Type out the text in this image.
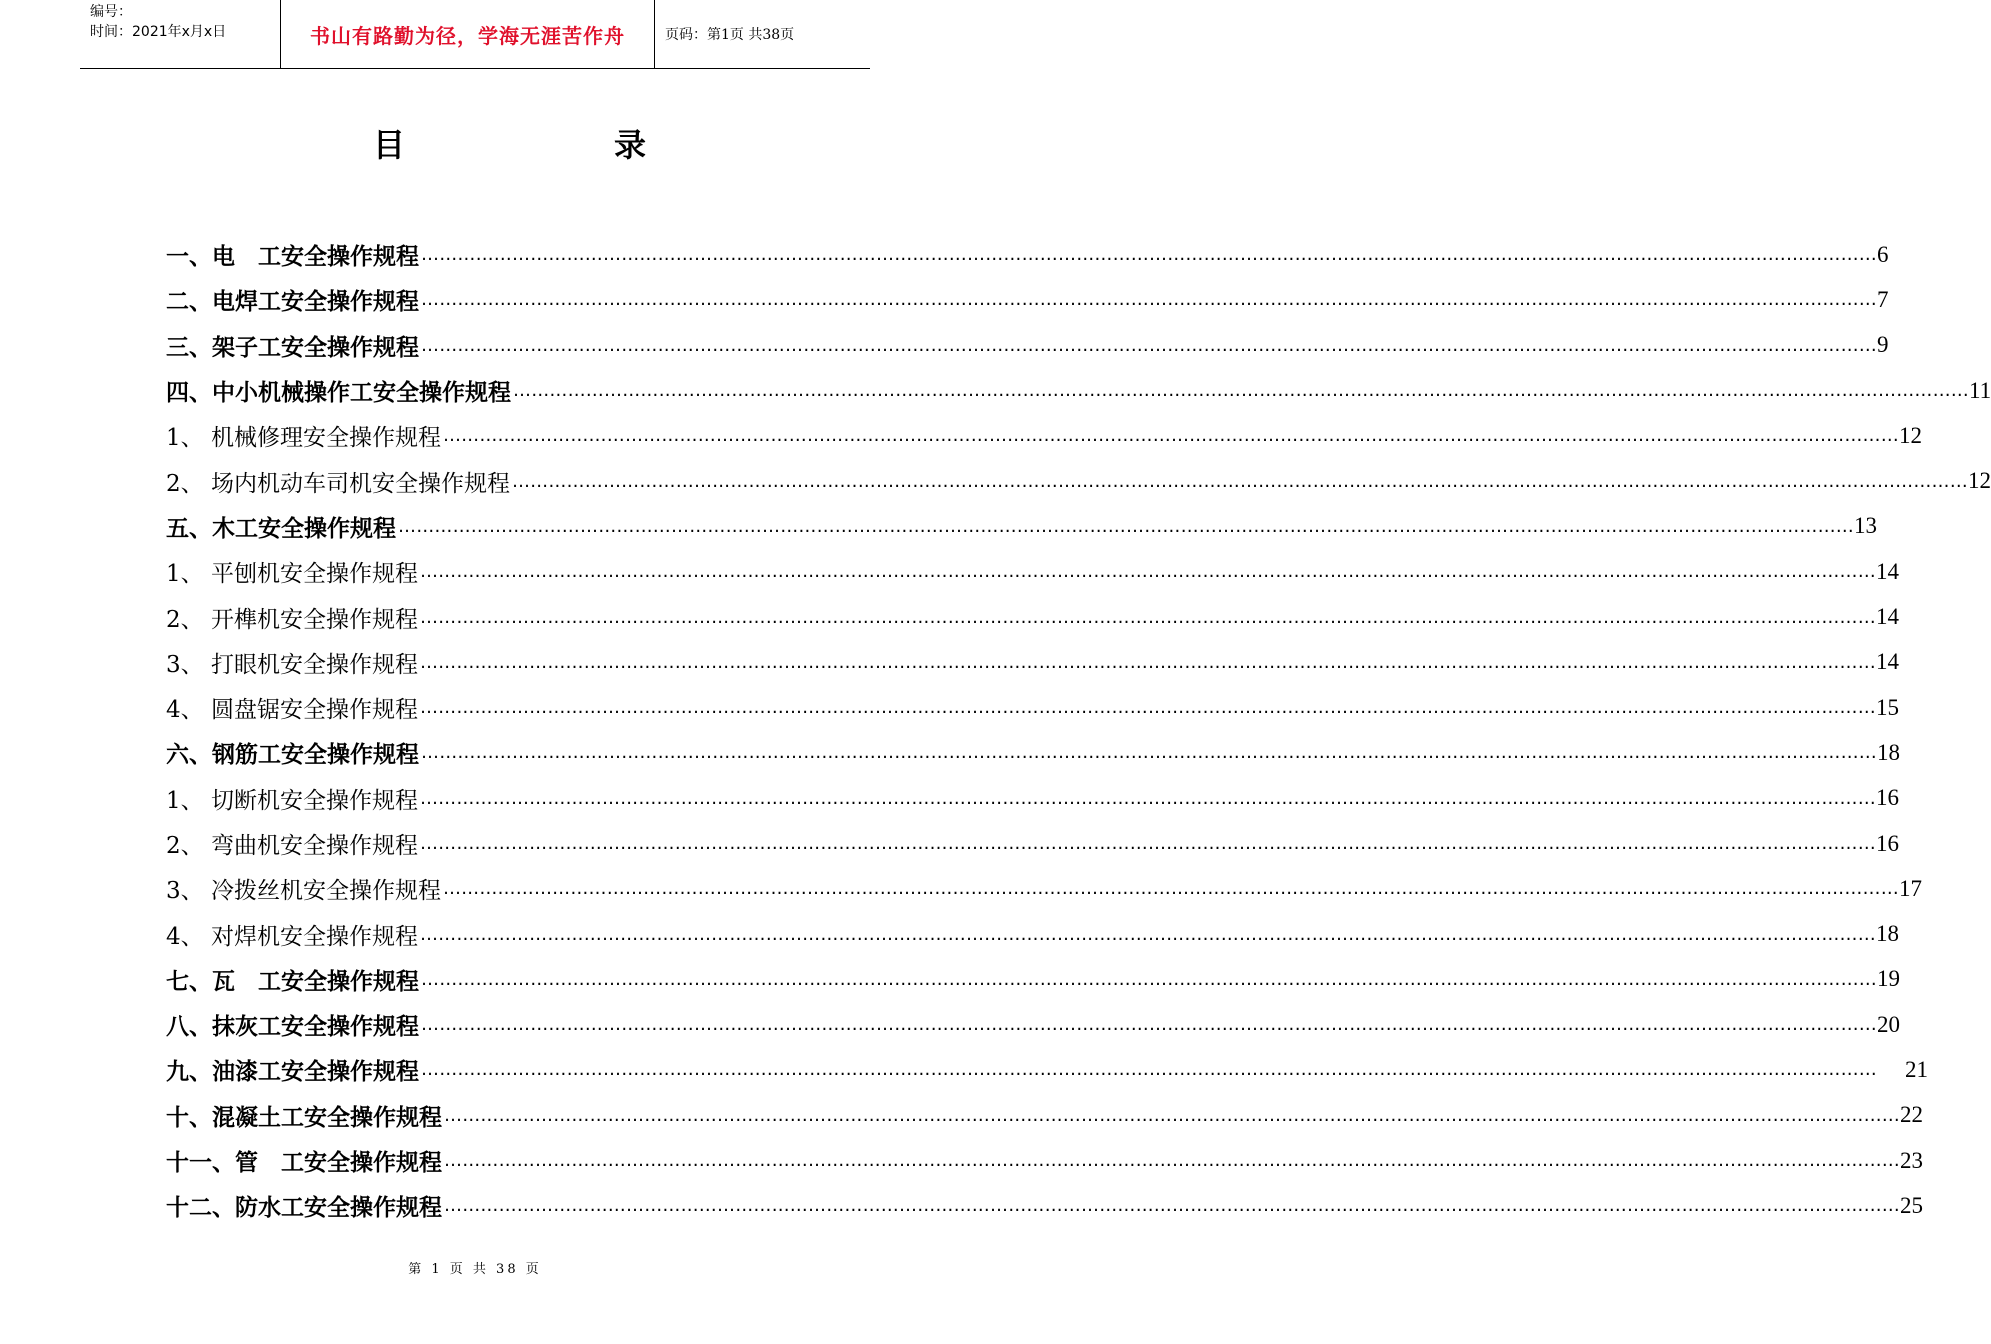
编号：
时间：2021年x月x日	书山有路勤为径，学海无涯苦作舟	页码：第1页 共38页
目	录
一、电　工安全操作规程 …………………………………………………………………………………………………………………………………………………………………………………………………………………… 6
二、电焊工安全操作规程 …………………………………………………………………………………………………………………………………………………………………………………………………………………… 7
三、架子工安全操作规程 …………………………………………………………………………………………………………………………………………………………………………………………………………………… 9
四、中小机械操作工安全操作规程 …………………………………………………………………………………………………………………………………………………………………………………………………………………… 11
1、 机械修理安全操作规程 …………………………………………………………………………………………………………………………………………………………………………………………………………………… 12
2、 场内机动车司机安全操作规程 …………………………………………………………………………………………………………………………………………………………………………………………………………………… 12
五、木工安全操作规程 …………………………………………………………………………………………………………………………………………………………………………………………………………………… 13
1、 平刨机安全操作规程 …………………………………………………………………………………………………………………………………………………………………………………………………………………… 14
2、 开榫机安全操作规程 …………………………………………………………………………………………………………………………………………………………………………………………………………………… 14
3、 打眼机安全操作规程 …………………………………………………………………………………………………………………………………………………………………………………………………………………… 14
4、 圆盘锯安全操作规程 …………………………………………………………………………………………………………………………………………………………………………………………………………………… 15
六、钢筋工安全操作规程 …………………………………………………………………………………………………………………………………………………………………………………………………………………… 18
1、 切断机安全操作规程 …………………………………………………………………………………………………………………………………………………………………………………………………………………… 16
2、 弯曲机安全操作规程 …………………………………………………………………………………………………………………………………………………………………………………………………………………… 16
3、 冷拨丝机安全操作规程 …………………………………………………………………………………………………………………………………………………………………………………………………………………… 17
4、 对焊机安全操作规程 …………………………………………………………………………………………………………………………………………………………………………………………………………………… 18
七、瓦　工安全操作规程 …………………………………………………………………………………………………………………………………………………………………………………………………………………… 19
八、抹灰工安全操作规程 …………………………………………………………………………………………………………………………………………………………………………………………………………………… 20
九、油漆工安全操作规程 …………………………………………………………………………………………………………………………………………………………………………………………………………………… 21
十、混凝土工安全操作规程 …………………………………………………………………………………………………………………………………………………………………………………………………………………… 22
十一、管　工安全操作规程 …………………………………………………………………………………………………………………………………………………………………………………………………………………… 23
十二、防水工安全操作规程 …………………………………………………………………………………………………………………………………………………………………………………………………………………… 25
第 1 页 共 38 页
